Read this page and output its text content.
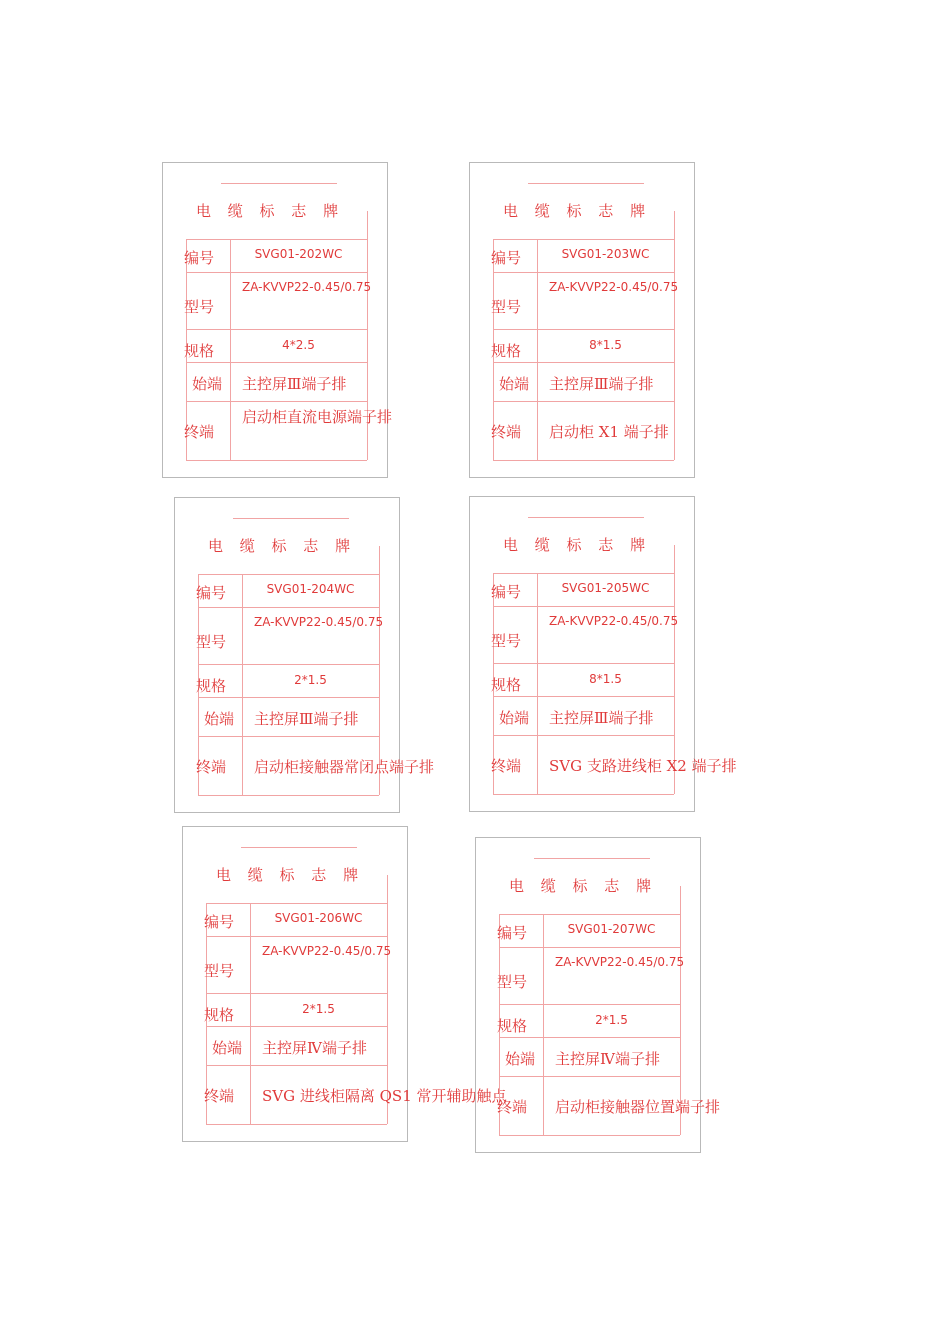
电 缆 标 志 牌
编号
型号
规格
始端
终端
SVG01-202WC
ZA-KVVP22-0.45/0.75
4*2.5
主控屏Ⅲ端子排
启动柜直流电源端子排
电 缆 标 志 牌
编号
型号
规格
始端
终端
SVG01-203WC
ZA-KVVP22-0.45/0.75
8*1.5
主控屏Ⅲ端子排
启动柜 X1 端子排
电 缆 标 志 牌
编号
型号
规格
始端
终端
SVG01-204WC
ZA-KVVP22-0.45/0.75
2*1.5
主控屏Ⅲ端子排
启动柜接触器常闭点端子排
电 缆 标 志 牌
编号
型号
规格
始端
终端
SVG01-205WC
ZA-KVVP22-0.45/0.75
8*1.5
主控屏Ⅲ端子排
SVG 支路进线柜 X2 端子排
电 缆 标 志 牌
编号
型号
规格
始端
终端
SVG01-206WC
ZA-KVVP22-0.45/0.75
2*1.5
主控屏Ⅳ端子排
SVG 进线柜隔离 QS1 常开辅助触点
电 缆 标 志 牌
编号
型号
规格
始端
终端
SVG01-207WC
ZA-KVVP22-0.45/0.75
2*1.5
主控屏Ⅳ端子排
启动柜接触器位置端子排
